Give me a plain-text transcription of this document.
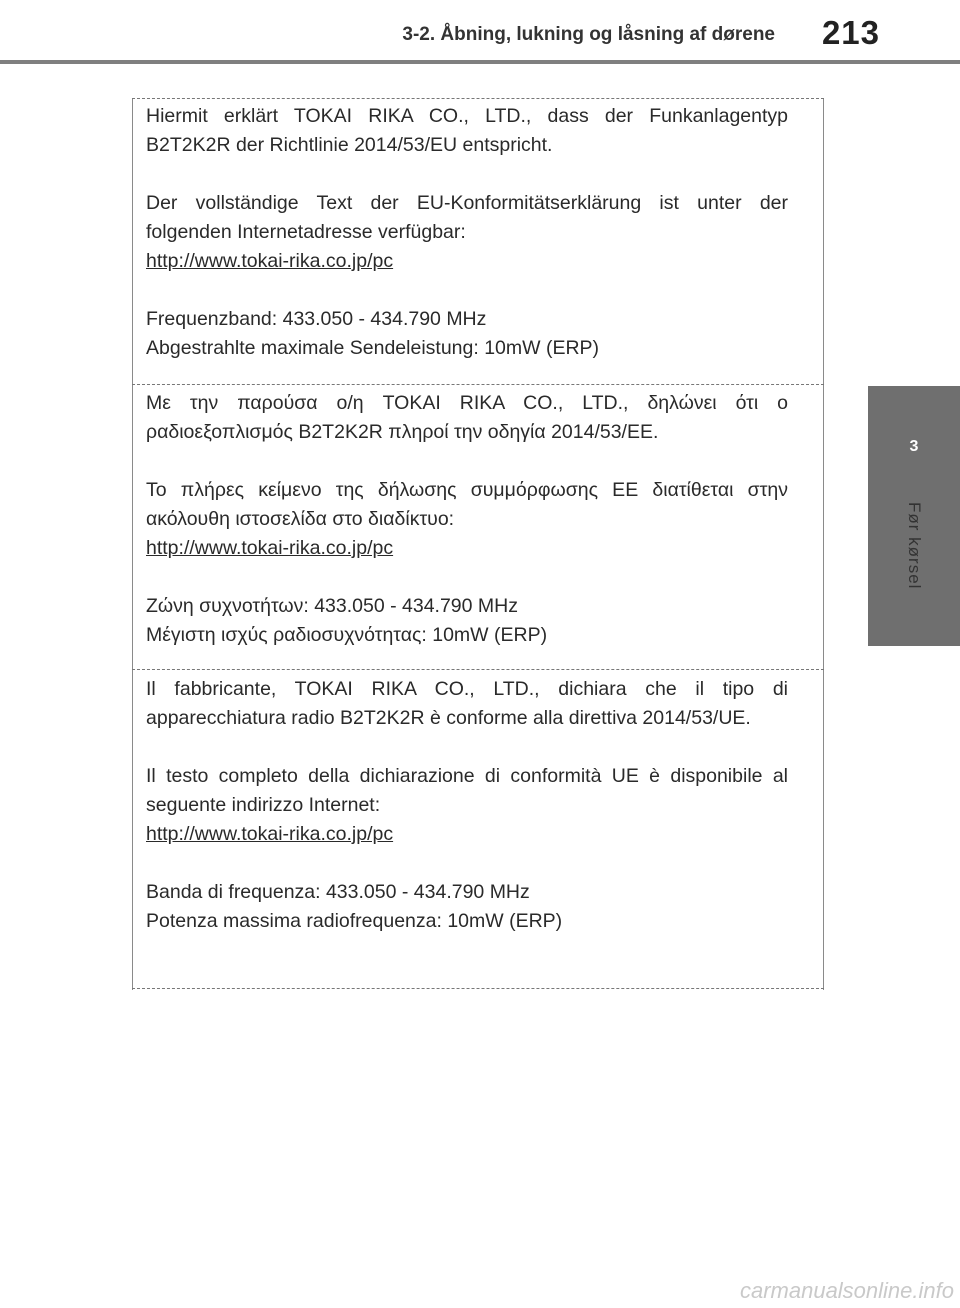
3-2. Åbning, lukning og låsning af dørene 213
3
Før kørsel

Hiermit erklärt TOKAI RIKA CO., LTD., dass der Funkanlagentyp B2T2K2R der Richtlinie 2014/53/EU entspricht.

Der vollständige Text der EU-Konformitätserklärung ist unter der folgenden Internetadresse verfügbar:
http://www.tokai-rika.co.jp/pc

Frequenzband: 433.050 - 434.790 MHz
Abgestrahlte maximale Sendeleistung: 10mW (ERP)

Με την παρούσα ο/η TOKAI RIKA CO., LTD., δηλώνει ότι ο ραδιοεξοπλισμός B2T2K2R πληροί την οδηγία 2014/53/ΕΕ.

Το πλήρες κείμενο της δήλωσης συμμόρφωσης ΕΕ διατίθεται στην ακόλουθη ιστοσελίδα στο διαδίκτυο:
http://www.tokai-rika.co.jp/pc

Ζώνη συχνοτήτων: 433.050 - 434.790 MHz
Μέγιστη ισχύς ραδιοσυχνότητας: 10mW (ERP)

Il fabbricante, TOKAI RIKA CO., LTD., dichiara che il tipo di apparecchiatura radio B2T2K2R è conforme alla direttiva 2014/53/UE.

Il testo completo della dichiarazione di conformità UE è disponibile al seguente indirizzo Internet:
http://www.tokai-rika.co.jp/pc

Banda di frequenza: 433.050 - 434.790 MHz
Potenza massima radiofrequenza: 10mW (ERP)

carmanualsonline.info
